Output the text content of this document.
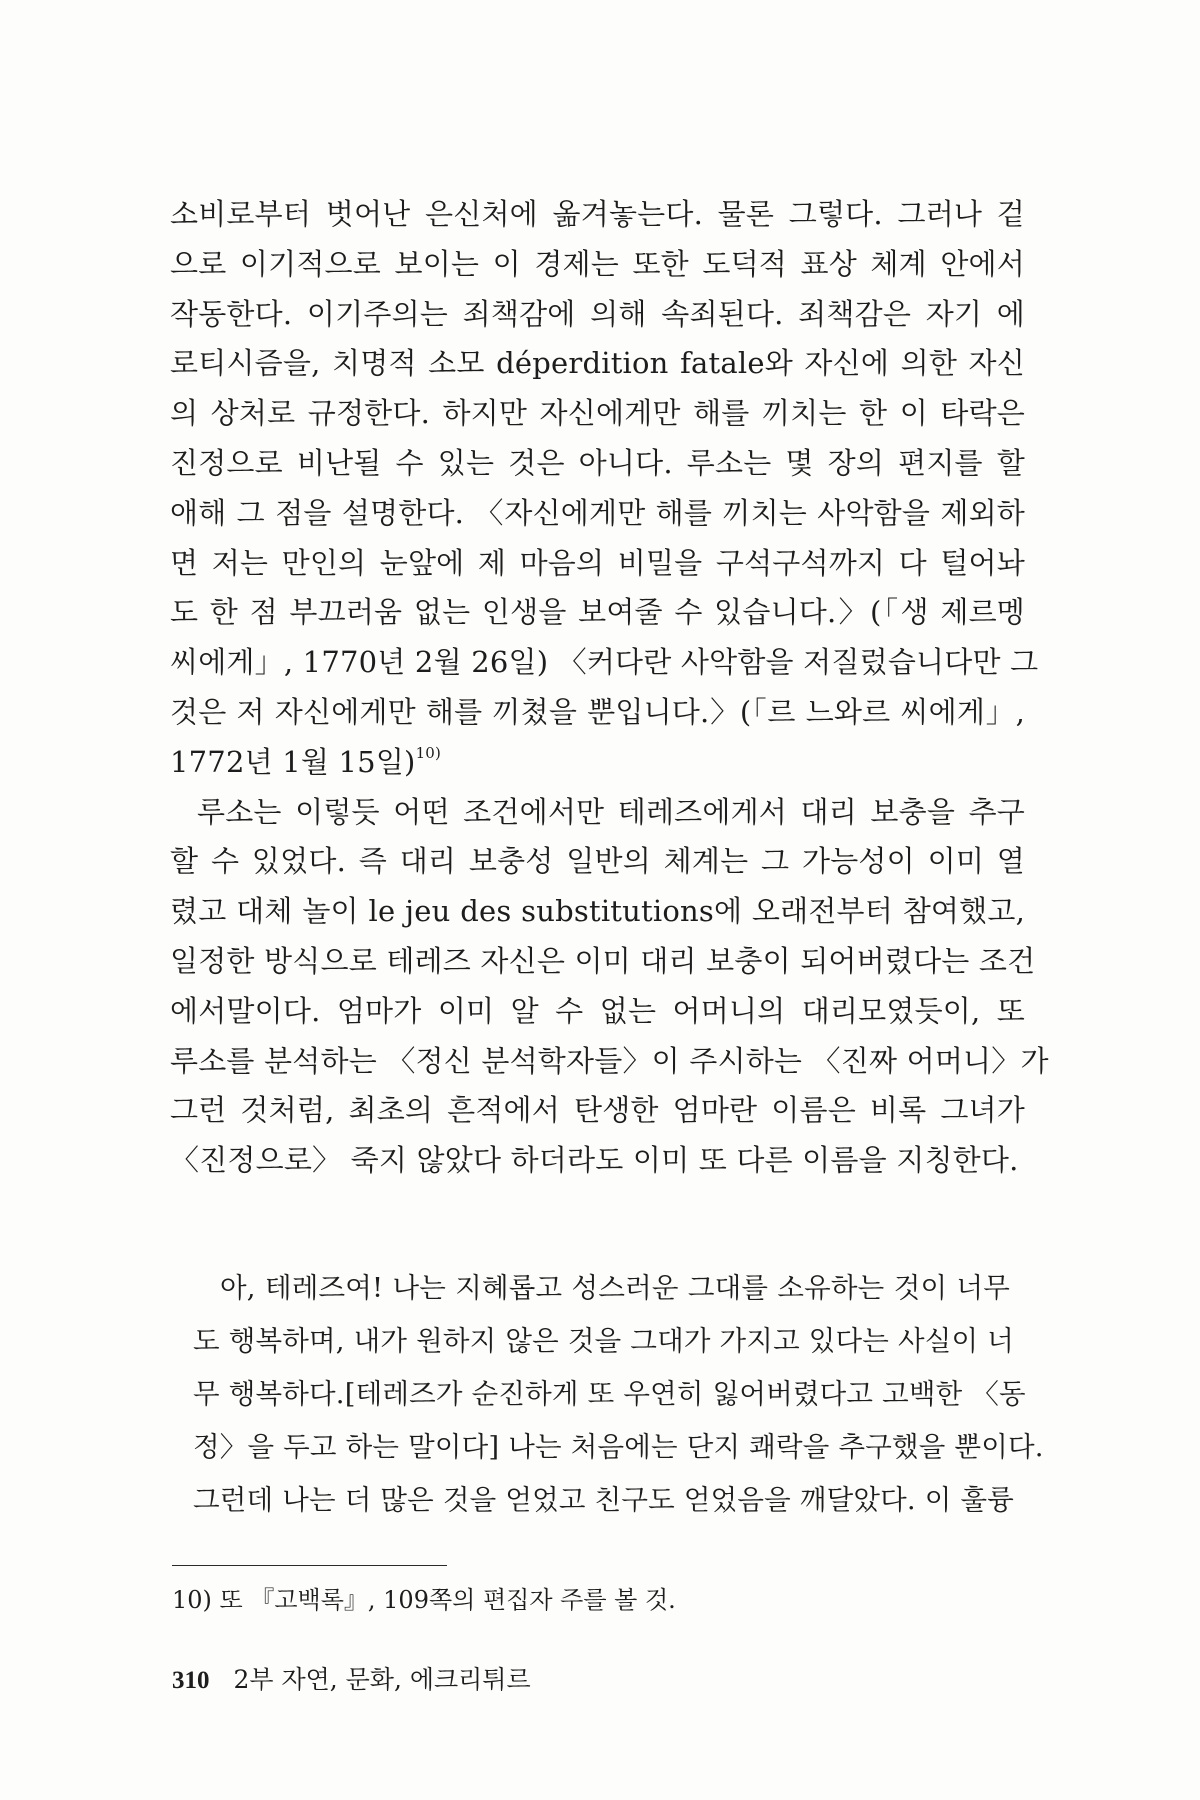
소비로부터 벗어난 은신처에 옮겨놓는다. 물론 그렇다. 그러나 겉
으로 이기적으로 보이는 이 경제는 또한 도덕적 표상 체계 안에서
작동한다. 이기주의는 죄책감에 의해 속죄된다. 죄책감은 자기 에
로티시즘을, 치명적 소모 déperdition fatale와 자신에 의한 자신
의 상처로 규정한다. 하지만 자신에게만 해를 끼치는 한 이 타락은
진정으로 비난될 수 있는 것은 아니다. 루소는 몇 장의 편지를 할
애해 그 점을 설명한다. 〈자신에게만 해를 끼치는 사악함을 제외하
면 저는 만인의 눈앞에 제 마음의 비밀을 구석구석까지 다 털어놔
도 한 점 부끄러움 없는 인생을 보여줄 수 있습니다.〉(「생 제르멩
씨에게」, 1770년 2월 26일) 〈커다란 사악함을 저질렀습니다만 그
것은 저 자신에게만 해를 끼쳤을 뿐입니다.〉(「르 느와르 씨에게」,
1772년 1월 15일)$^{10)}$
루소는 이렇듯 어떤 조건에서만 테레즈에게서 대리 보충을 추구
할 수 있었다. 즉 대리 보충성 일반의 체계는 그 가능성이 이미 열
렸고 대체 놀이 le jeu des substitutions에 오래전부터 참여했고,
일정한 방식으로 테레즈 자신은 이미 대리 보충이 되어버렸다는 조건
에서말이다. 엄마가 이미 알 수 없는 어머니의 대리모였듯이, 또
루소를 분석하는 〈정신 분석학자들〉이 주시하는 〈진짜 어머니〉가
그런 것처럼, 최초의 흔적에서 탄생한 엄마란 이름은 비록 그녀가
〈진정으로〉 죽지 않았다 하더라도 이미 또 다른 이름을 지칭한다.
아, 테레즈여! 나는 지혜롭고 성스러운 그대를 소유하는 것이 너무
도 행복하며, 내가 원하지 않은 것을 그대가 가지고 있다는 사실이 너
무 행복하다.[테레즈가 순진하게 또 우연히 잃어버렸다고 고백한 〈동
정〉을 두고 하는 말이다] 나는 처음에는 단지 쾌락을 추구했을 뿐이다.
그런데 나는 더 많은 것을 얻었고 친구도 얻었음을 깨달았다. 이 훌륭
10) 또 『고백록』, 109쪽의 편집자 주를 볼 것.
310 2부 자연, 문화, 에크리튀르
